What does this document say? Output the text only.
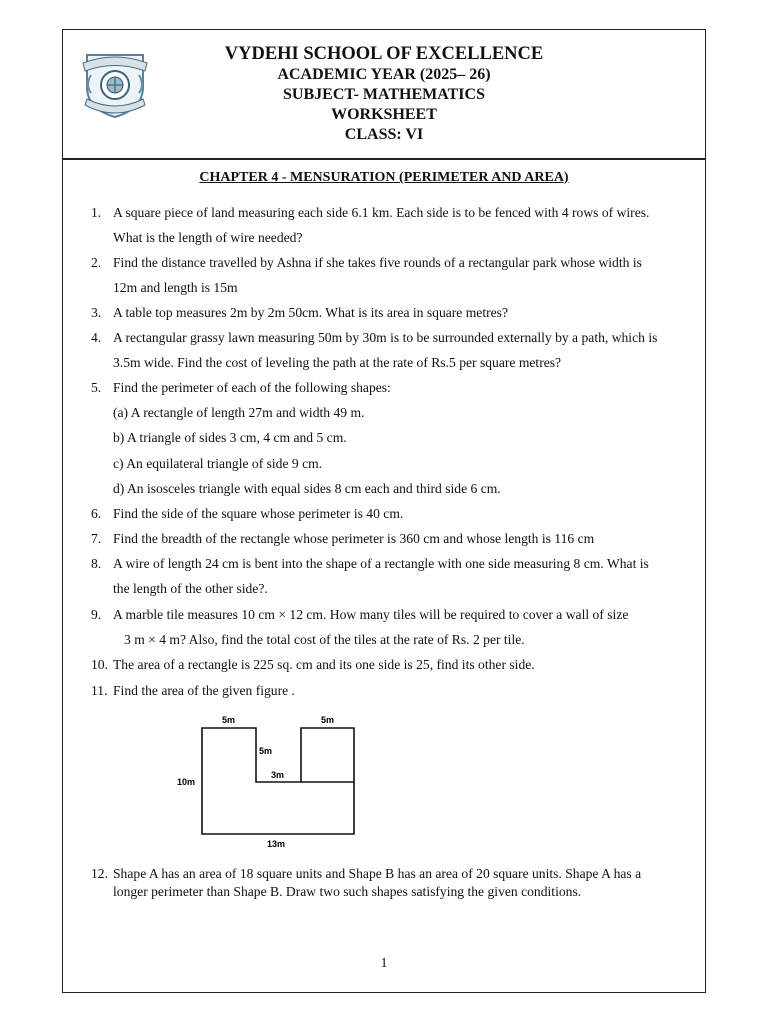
VYDEHI SCHOOL OF EXCELLENCE
ACADEMIC YEAR (2025– 26)
SUBJECT- MATHEMATICS
WORKSHEET
CLASS: VI
CHAPTER 4 - MENSURATION (PERIMETER AND AREA)
1. A square piece of land measuring each side 6.1 km. Each side is to be fenced with 4 rows of wires.
What is the length of wire needed?
2. Find the distance travelled by Ashna if she takes five rounds of a rectangular park whose width is
12m and length is 15m
3. A table top measures 2m by 2m 50cm. What is its area in square metres?
4. A rectangular grassy lawn measuring 50m by 30m is to be surrounded externally by a path, which is
3.5m wide. Find the cost of leveling the path at the rate of Rs.5 per square metres?
5. Find the perimeter of each of the following shapes:
(a) A rectangle of length 27m and width 49 m.
b) A triangle of sides 3 cm, 4 cm and 5 cm.
c) An equilateral triangle of side 9 cm.
d) An isosceles triangle with equal sides 8 cm each and third side 6 cm.
6. Find the side of the square whose perimeter is 40 cm.
7. Find the breadth of the rectangle whose perimeter is 360 cm and whose length is 116 cm
8. A wire of length 24 cm is bent into the shape of a rectangle with one side measuring 8 cm. What is
the length of the other side?.
9. A marble tile measures 10 cm × 12 cm. How many tiles will be required to cover a wall of size
3 m × 4 m? Also, find the total cost of the tiles at the rate of Rs. 2 per tile.
10. The area of a rectangle is 225 sq. cm and its one side is 25, find its other side.
11. Find the area of the given figure .
5m	5m
5m
3m
10m
13m
12. Shape A has an area of 18 square units and Shape B has an area of 20 square units. Shape A has a
longer perimeter than Shape B. Draw two such shapes satisfying the given conditions.
1
